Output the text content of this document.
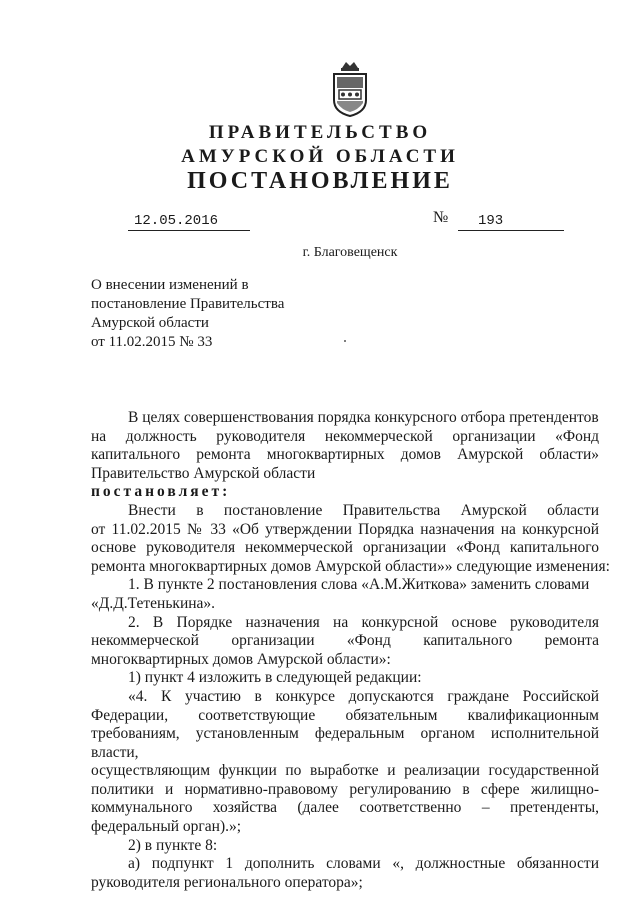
ПРАВИТЕЛЬСТВО
АМУРСКОЙ ОБЛАСТИ
ПОСТАНОВЛЕНИЕ
12.05.2016	№	193
г. Благовещенск
О внесении изменений в
постановление Правительства
Амурской области
от 11.02.2015 № 33
В целях совершенствования порядка конкурсного отбора претендентов
на должность руководителя некоммерческой организации «Фонд
капитального ремонта многоквартирных домов Амурской области»
Правительство Амурской области
постановляет:
Внести в постановление Правительства Амурской области
от 11.02.2015 № 33 «Об утверждении Порядка назначения на конкурсной
основе руководителя некоммерческой организации «Фонд капитального
ремонта многоквартирных домов Амурской области»» следующие изменения:
1. В пункте 2 постановления слова «А.М.Житкова» заменить словами
«Д.Д.Тетенькина».
2. В Порядке назначения на конкурсной основе руководителя
некоммерческой организации «Фонд капитального ремонта
многоквартирных домов Амурской области»:
1) пункт 4 изложить в следующей редакции:
«4. К участию в конкурсе допускаются граждане Российской
Федерации, соответствующие обязательным квалификационным
требованиям, установленным федеральным органом исполнительной власти,
осуществляющим функции по выработке и реализации государственной
политики и нормативно-правовому регулированию в сфере жилищно-
коммунального хозяйства (далее соответственно – претенденты,
федеральный орган).»;
2) в пункте 8:
а) подпункт 1 дополнить словами «, должностные обязанности
руководителя регионального оператора»;
